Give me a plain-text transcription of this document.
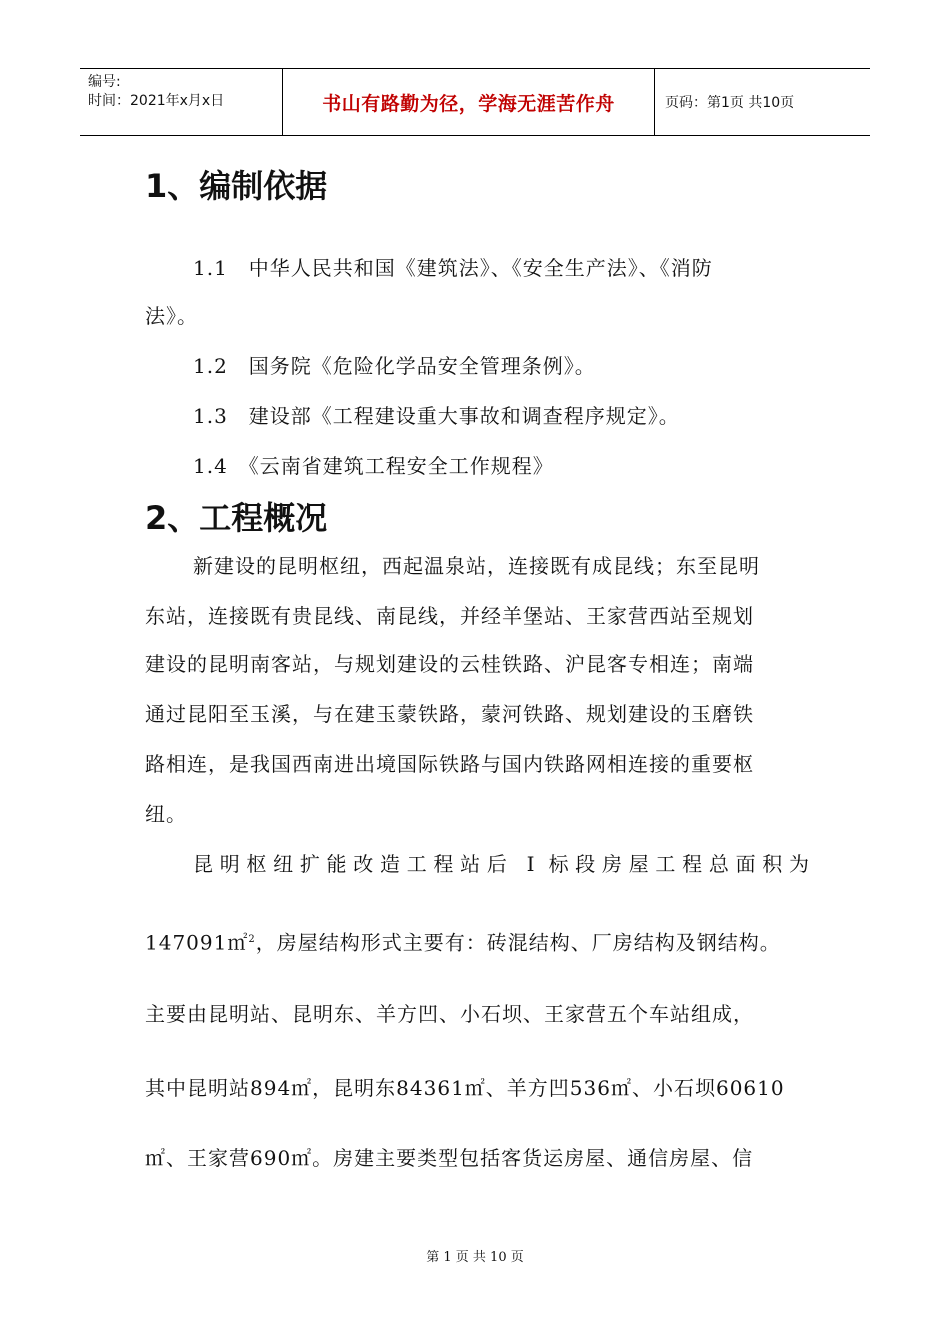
编号:
时间：2021年x月x日	书山有路勤为径，学海无涯苦作舟	页码：第1页 共10页
1、编制依据
1.1　中华人民共和国《建筑法》、《安全生产法》、《消防
法》。
1.2　国务院《危险化学品安全管理条例》。
1.3　建设部《工程建设重大事故和调查程序规定》。
1.4　《云南省建筑工程安全工作规程》
2、工程概况
新建设的昆明枢纽，西起温泉站，连接既有成昆线；东至昆明
东站，连接既有贵昆线、南昆线，并经羊堡站、王家营西站至规划
建设的昆明南客站，与规划建设的云桂铁路、沪昆客专相连；南端
通过昆阳至玉溪，与在建玉蒙铁路，蒙河铁路、规划建设的玉磨铁
路相连，是我国西南进出境国际铁路与国内铁路网相连接的重要枢
纽。
昆明枢纽扩能改造工程站后 I 标段房屋工程总面积为
147091㎡$^2$，房屋结构形式主要有：砖混结构、厂房结构及钢结构。
主要由昆明站、昆明东、羊方凹、小石坝、王家营五个车站组成，
其中昆明站894㎡，昆明东84361㎡、羊方凹536㎡、小石坝60610
㎡、王家营690㎡。房建主要类型包括客货运房屋、通信房屋、信
第 1 页 共 10 页
